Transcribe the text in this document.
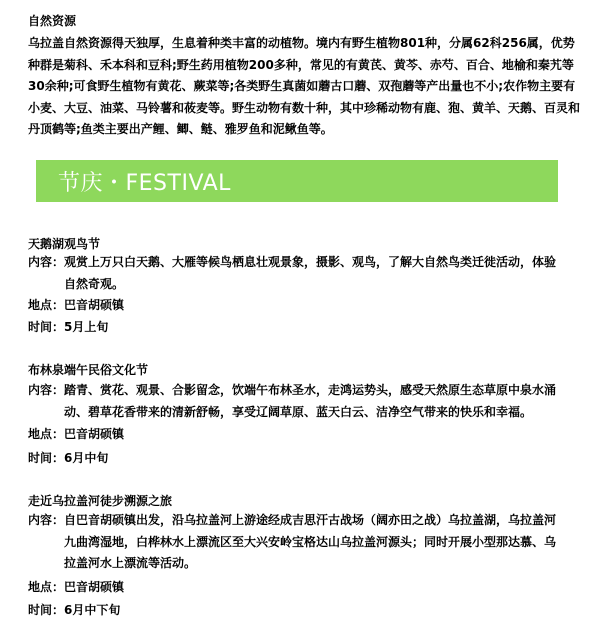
自然资源
乌拉盖自然资源得天独厚，生息着种类丰富的动植物。境内有野生植物801种，分属62科256属，优势种群是菊科、禾本科和豆科;野生药用植物200多种，常见的有黄芪、黄芩、赤芍、百合、地榆和秦艽等30余种;可食野生植物有黄花、蕨菜等;各类野生真菌如蘑古口蘑、双孢蘑等产出量也不小;农作物主要有小麦、大豆、油菜、马铃薯和莜麦等。野生动物有数十种，其中珍稀动物有鹿、狍、黄羊、天鹅、百灵和丹顶鹤等;鱼类主要出产鲤、鲫、鲢、雅罗鱼和泥鳅鱼等。
节庆・FESTIVAL
天鹅湖观鸟节
内容： 观赏上万只白天鹅、大雁等候鸟栖息壮观景象，摄影、观鸟，了解大自然鸟类迁徙活动，体验
自然奇观。
地点：巴音胡硕镇
时间：5月上旬
布林泉端午民俗文化节
内容： 踏青、赏花、观景、合影留念，饮端午布林圣水，走鸿运势头，感受天然原生态草原中泉水涌
动、碧草花香带来的清新舒畅，享受辽阔草原、蓝天白云、洁净空气带来的快乐和幸福。
地点：巴音胡硕镇
时间：6月中旬
走近乌拉盖河徒步溯源之旅
内容： 自巴音胡硕镇出发，沿乌拉盖河上游途经成吉思汗古战场（阔亦田之战）乌拉盖湖，乌拉盖河
九曲湾湿地，白桦林水上漂流区至大兴安岭宝格达山乌拉盖河源头；同时开展小型那达慕、乌
拉盖河水上漂流等活动。
地点：巴音胡硕镇
时间：6月中下旬
